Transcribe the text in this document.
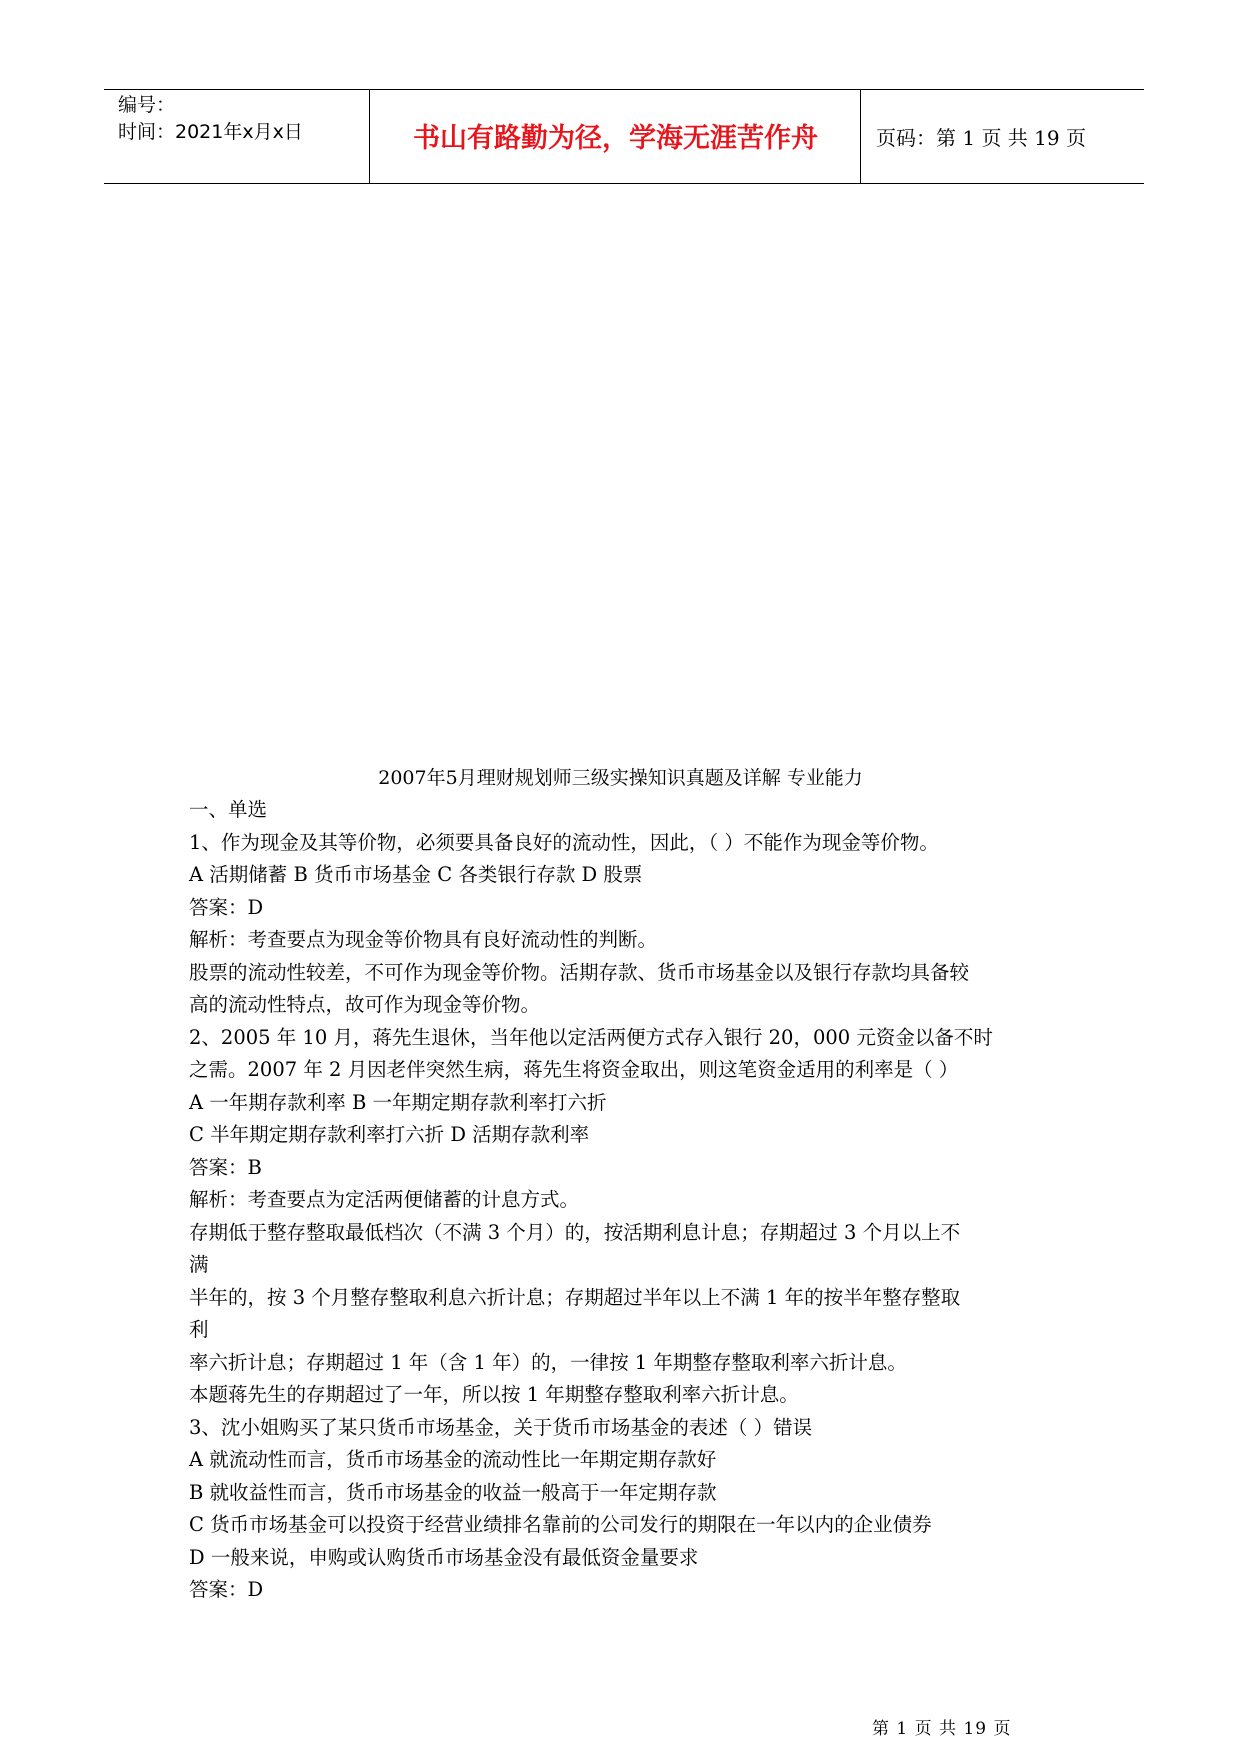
编号：
时间：2021年x月x日	书山有路勤为径，学海无涯苦作舟	页码：第 1 页 共 19 页
2007年5月理财规划师三级实操知识真题及详解 专业能力
一、单选
1、作为现金及其等价物，必须要具备良好的流动性，因此，（ ）不能作为现金等价物。
A 活期储蓄 B 货币市场基金 C 各类银行存款 D 股票
答案：D
解析：考查要点为现金等价物具有良好流动性的判断。
股票的流动性较差，不可作为现金等价物。活期存款、货币市场基金以及银行存款均具备较
高的流动性特点，故可作为现金等价物。
2、2005 年 10 月，蒋先生退休，当年他以定活两便方式存入银行 20，000 元资金以备不时
之需。2007 年 2 月因老伴突然生病，蒋先生将资金取出，则这笔资金适用的利率是（ ）
A 一年期存款利率 B 一年期定期存款利率打六折
C 半年期定期存款利率打六折 D 活期存款利率
答案：B
解析：考查要点为定活两便储蓄的计息方式。
存期低于整存整取最低档次（不满 3 个月）的，按活期利息计息；存期超过 3 个月以上不
满
半年的，按 3 个月整存整取利息六折计息；存期超过半年以上不满 1 年的按半年整存整取
利
率六折计息；存期超过 1 年（含 1 年）的，一律按 1 年期整存整取利率六折计息。
本题蒋先生的存期超过了一年，所以按 1 年期整存整取利率六折计息。
3、沈小姐购买了某只货币市场基金，关于货币市场基金的表述（ ）错误
A 就流动性而言，货币市场基金的流动性比一年期定期存款好
B 就收益性而言，货币市场基金的收益一般高于一年定期存款
C 货币市场基金可以投资于经营业绩排名靠前的公司发行的期限在一年以内的企业债券
D 一般来说，申购或认购货币市场基金没有最低资金量要求
答案：D
第 1 页 共 19 页
